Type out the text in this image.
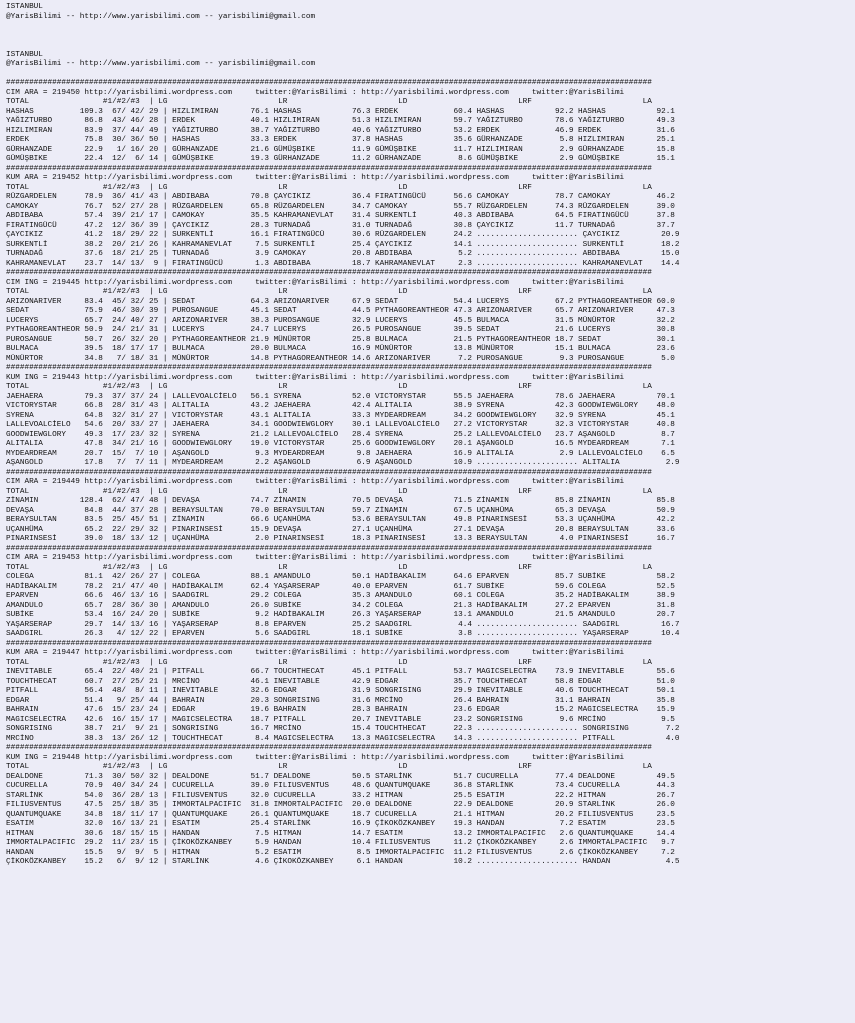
ISTANBUL
@YarisBilimi -- http://www.yarisbilimi.com -- yarisbilimi@gmail.com

ISTANBUL
@YarisBilimi -- http://www.yarisbilimi.com -- yarisbilimi@gmail.com

############################################################################################################################################
CIM ARA = 219450 http://yarisbilimi.wordpress.com     twitter:@YarisBilimi : http://yarisbilimi.wordpress.com     twitter:@YarisBilimi
TOTAL                #1/#2/#3  | LG                        LR                        LD                        LRF                        LA
HASHAS          109.3  67/ 42/ 29 | HIZLIMIRAN       76.1 HASHAS           76.3 ERDEK            60.4 HASHAS           92.2 HASHAS           92.1
YAĞIZTURBO       86.8  43/ 46/ 28 | ERDEK            40.1 HIZLIMIRAN       51.3 HIZLIMIRAN       59.7 YAĞIZTURBO       78.6 YAĞIZTURBO       49.3
HIZLIMIRAN       83.9  37/ 44/ 49 | YAĞIZTURBO       38.7 YAĞIZTURBO       40.6 YAĞIZTURBO       53.2 ERDEK            46.9 ERDEK            31.6
ERDEK            75.8  30/ 36/ 50 | HASHAS           33.3 ERDEK            37.8 HASHAS           35.6 GÜRHANZADE        5.8 HIZLIMIRAN       25.1
GÜRHANZADE       22.9   1/ 16/ 20 | GÜRHANZADE       21.6 GÜMÜŞBIKE        11.9 GÜMÜŞBIKE        11.7 HIZLIMIRAN        2.9 GÜRHANZADE       15.8
GÜMÜŞBIKE        22.4  12/  6/ 14 | GÜMÜŞBIKE        19.3 GÜRHANZADE       11.2 GÜRHANZADE        8.6 GÜMÜŞBIKE         2.9 GÜMÜŞBIKE        15.1
############################################################################################################################################
KUM ARA = 219452 http://yarisbilimi.wordpress.com     twitter:@YarisBilimi : http://yarisbilimi.wordpress.com     twitter:@YarisBilimi
TOTAL                #1/#2/#3  | LG                        LR                        LD                        LRF                        LA
RÜZGARDELEN      78.9  36/ 41/ 43 | ABDIBABA         70.8 ÇAYCIKIZ         36.4 FIRATINGÜCÜ      56.6 CAMOKAY          78.7 CAMOKAY          46.2
CAMOKAY          76.7  52/ 27/ 28 | RÜZGARDELEN      65.8 RÜZGARDELEN      34.7 CAMOKAY          55.7 RÜZGARDELEN      74.3 RÜZGARDELEN      39.0
ABDIBABA         57.4  39/ 21/ 17 | CAMOKAY          35.5 KAHRAMANEVLAT    31.4 SURKENTLİ        40.3 ABDIBABA         64.5 FIRATINGÜCÜ      37.8
FIRATINGÜCÜ      47.2  12/ 36/ 39 | ÇAYCIKIZ         28.3 TURNADAĞ         31.0 TURNADAĞ         30.8 ÇAYCIKIZ         11.7 TURNADAĞ         37.7
ÇAYCIKIZ         41.2  18/ 29/ 22 | SURKENTLİ        16.1 FIRATINGÜCÜ      30.6 RÜZGARDELEN      24.2 ...................... ÇAYCIKIZ         20.9
SURKENTLİ        38.2  20/ 21/ 26 | KAHRAMANEVLAT     7.5 SURKENTLİ        25.4 ÇAYCIKIZ         14.1 ...................... SURKENTLİ        18.2
TURNADAĞ         37.6  18/ 21/ 25 | TURNADAĞ          3.9 CAMOKAY          20.8 ABDIBABA          5.2 ...................... ABDIBABA         15.0
KAHRAMANEVLAT    23.7  14/ 13/  9 | FIRATINGÜCÜ       1.3 ABDIBABA         18.7 KAHRAMANEVLAT     2.3 ...................... KAHRAMANEVLAT    14.4
############################################################################################################################################
CIM ING = 219445 http://yarisbilimi.wordpress.com     twitter:@YarisBilimi : http://yarisbilimi.wordpress.com     twitter:@YarisBilimi
TOTAL                #1/#2/#3  | LG                        LR                        LD                        LRF                        LA
ARIZONARIVER     83.4  45/ 32/ 25 | SEDAT            64.3 ARIZONARIVER     67.9 SEDAT            54.4 LUCERYS          67.2 PYTHAGOREANTHEOR 60.0
SEDAT            75.9  46/ 30/ 39 | PUROSANGUE       45.1 SEDAT            44.5 PYTHAGOREANTHEOR 47.3 ARIZONARIVER     65.7 ARIZONARIVER     47.3
LUCERYS          65.7  24/ 40/ 27 | ARIZONARIVER     38.3 PUROSANGUE       32.9 LUCERYS          45.5 BULMACA          31.5 MÜNÜRTOR         32.2
PYTHAGOREANTHEOR 50.9  24/ 21/ 31 | LUCERYS          24.7 LUCERYS          26.5 PUROSANGUE       39.5 SEDAT            21.6 LUCERYS          30.8
PUROSANGUE       50.7  26/ 32/ 20 | PYTHAGOREANTHEOR 21.9 MÜNÜRTOR         25.8 BULMACA          21.5 PYTHAGOREANTHEOR 18.7 SEDAT            30.1
BULMACA          39.5  18/ 17/ 17 | BULMACA          20.0 BULMACA          16.9 MÜNÜRTOR         13.8 MÜNÜRTOR         15.1 BULMACA          23.6
MÜNÜRTOR         34.8   7/ 18/ 31 | MÜNÜRTOR         14.8 PYTHAGOREANTHEOR 14.6 ARIZONARIVER      7.2 PUROSANGUE        9.3 PUROSANGUE        5.0
############################################################################################################################################
KUM ING = 219443 http://yarisbilimi.wordpress.com     twitter:@YarisBilimi : http://yarisbilimi.wordpress.com     twitter:@YarisBilimi
TOTAL                #1/#2/#3  | LG                        LR                        LD                        LRF                        LA
JAEHAERA         79.3  37/ 37/ 24 | LALLEVOALCİELO   56.1 SYRENA           52.0 VICTORYSTAR      55.5 JAEHAERA         78.6 JAEHAERA         70.1
VICTORYSTAR      66.8  28/ 31/ 43 | ALITALIA         43.2 JAEHAERA         42.4 ALITALIA         38.9 SYRENA           42.3 GOODWIEWGLORY    48.0
SYRENA           64.8  32/ 31/ 27 | VICTORYSTAR      43.1 ALITALIA         33.3 MYDEARDREAM      34.2 GOODWIEWGLORY    32.9 SYRENA           45.1
LALLEVOALCİELO   54.6  20/ 33/ 27 | JAEHAERA         34.1 GOODWIEWGLORY    30.1 LALLEVOALCİELO   27.2 VICTORYSTAR      32.3 VICTORYSTAR      40.8
GOODWIEWGLORY    49.3  17/ 23/ 32 | SYRENA           21.2 LALLEVOALCİELO   28.4 SYRENA           25.2 LALLEVOALCİELO   23.7 AŞANGOLD          8.7
ALITALIA         47.8  34/ 21/ 16 | GOODWIEWGLORY    19.0 VICTORYSTAR      25.6 GOODWIEWGLORY    20.1 AŞANGOLD         16.5 MYDEARDREAM       7.1
MYDEARDREAM      20.7  15/  7/ 10 | AŞANGOLD          9.3 MYDEARDREAM       9.8 JAEHAERA         16.9 ALITALIA          2.9 LALLEVOALCİELO    6.5
AŞANGOLD         17.8   7/  7/ 11 | MYDEARDREAM       2.2 AŞANGOLD          6.9 AŞANGOLD         10.9 ...................... ALITALIA          2.9
############################################################################################################################################
CIM ARA = 219449 http://yarisbilimi.wordpress.com     twitter:@YarisBilimi : http://yarisbilimi.wordpress.com     twitter:@YarisBilimi
TOTAL                #1/#2/#3  | LG                        LR                        LD                        LRF                        LA
ZİNAMIN         128.4  62/ 47/ 48 | DEVAŞA           74.7 ZİNAMIN          70.5 DEVAŞA           71.5 ZİNAMIN          85.8 ZİNAMIN          85.8
DEVAŞA           84.8  44/ 37/ 28 | BERAYSULTAN      70.0 BERAYSULTAN      59.7 ZİNAMIN          67.5 UÇANHÜMA         65.3 DEVAŞA           50.9
BERAYSULTAN      83.5  25/ 45/ 51 | ZİNAMIN          66.6 UÇANHÜMA         53.6 BERAYSULTAN      49.8 PINARINSESİ      53.3 UÇANHÜMA         42.2
UÇANHÜMA         65.2  22/ 29/ 32 | PINARINSESİ      15.9 DEVAŞA           27.1 UÇANHÜMA         27.1 DEVAŞA           20.8 BERAYSULTAN      33.6
PINARINSESİ      39.0  18/ 13/ 12 | UÇANHÜMA          2.0 PINARINSESİ      18.3 PINARINSESİ      13.3 BERAYSULTAN       4.0 PINARINSESİ      16.7
############################################################################################################################################
CIM ARA = 219453 http://yarisbilimi.wordpress.com     twitter:@YarisBilimi : http://yarisbilimi.wordpress.com     twitter:@YarisBilimi
TOTAL                #1/#2/#3  | LG                        LR                        LD                        LRF                        LA
COLEGA           81.1  42/ 26/ 27 | COLEGA           88.1 AMANDULO         50.1 HADİBAKALIM      64.6 EPARVEN          85.7 SUBİKE           58.2
HADİBAKALIM      78.2  21/ 47/ 40 | HADİBAKALIM      62.4 YAŞARSERAP       40.0 EPARVEN          61.7 SUBİKE           59.6 COLEGA           52.5
EPARVEN          66.6  46/ 13/ 16 | SAADGIRL         29.2 COLEGA           35.3 AMANDULO         60.1 COLEGA           35.2 HADİBAKALIM      38.9
AMANDULO         65.7  28/ 36/ 30 | AMANDULO         26.0 SUBİKE           34.2 COLEGA           21.3 HADİBAKALIM      27.2 EPARVEN          31.8
SUBİKE           53.4  16/ 24/ 20 | SUBİKE            9.2 HADİBAKALIM      26.3 YAŞARSERAP       13.1 AMANDULO         21.5 AMANDULO         20.7
YAŞARSERAP       29.7  14/ 13/ 16 | YAŞARSERAP        8.8 EPARVEN          25.2 SAADGIRL          4.4 ...................... SAADGIRL         16.7
SAADGIRL         26.3   4/ 12/ 22 | EPARVEN           5.6 SAADGIRL         18.1 SUBİKE            3.8 ...................... YAŞARSERAP       10.4
############################################################################################################################################
KUM ARA = 219447 http://yarisbilimi.wordpress.com     twitter:@YarisBilimi : http://yarisbilimi.wordpress.com     twitter:@YarisBilimi
TOTAL                #1/#2/#3  | LG                        LR                        LD                        LRF                        LA
INEVITABLE       65.4  22/ 40/ 21 | PITFALL          66.7 TOUCHTHECAT      45.1 PITFALL          53.7 MAGICSELECTRA    73.9 INEVITABLE       55.6
TOUCHTHECAT      60.7  27/ 25/ 21 | MRCİNO           46.1 INEVITABLE       42.9 EDGAR            35.7 TOUCHTHECAT      58.8 EDGAR            51.0
PITFALL          56.4  48/  8/ 11 | INEVITABLE       32.6 EDGAR            31.9 SONGRISING       29.9 INEVITABLE       40.6 TOUCHTHECAT      50.1
EDGAR            51.4   9/ 25/ 44 | BAHRAIN          20.3 SONGRISING       31.6 MRCİNO           26.4 BAHRAIN          31.1 BAHRAIN          35.8
BAHRAIN          47.6  15/ 23/ 24 | EDGAR            19.6 BAHRAIN          28.3 BAHRAIN          23.6 EDGAR            15.2 MAGICSELECTRA    15.9
MAGICSELECTRA    42.6  16/ 15/ 17 | MAGICSELECTRA    18.7 PITFALL          20.7 INEVITABLE       23.2 SONGRISING        9.6 MRCİNO            9.5
SONGRISING       38.7  21/  9/ 21 | SONGRISING       16.7 MRCİNO           15.4 TOUCHTHECAT      22.3 ...................... SONGRISING        7.2
MRCİNO           38.3  13/ 26/ 12 | TOUCHTHECAT       8.4 MAGICSELECTRA    13.3 MAGICSELECTRA    14.3 ...................... PITFALL           4.0
############################################################################################################################################
KUM ING = 219448 http://yarisbilimi.wordpress.com     twitter:@YarisBilimi : http://yarisbilimi.wordpress.com     twitter:@YarisBilimi
TOTAL                #1/#2/#3  | LG                        LR                        LD                        LRF                        LA
DEALDONE         71.3  30/ 50/ 32 | DEALDONE         51.7 DEALDONE         50.5 STARLİNK         51.7 CUCURELLA        77.4 DEALDONE         49.5
CUCURELLA        70.9  40/ 34/ 24 | CUCURELLA        39.0 FILIUSVENTUS     48.6 QUANTUMQUAKE     36.8 STARLİNK         73.4 CUCURELLA        44.3
STARLİNK         54.0  36/ 28/ 13 | FILIUSVENTUS     32.0 CUCURELLA        33.2 HITMAN           25.5 ESATIM           22.2 HITMAN           26.7
FILIUSVENTUS     47.5  25/ 18/ 35 | IMMORTALPACIFIC  31.8 IMMORTALPACIFIC  20.0 DEALDONE         22.9 DEALDONE         20.9 STARLİNK         26.0
QUANTUMQUAKE     34.8  18/ 11/ 17 | QUANTUMQUAKE     26.1 QUANTUMQUAKE     18.7 CUCURELLA        21.1 HITMAN           20.2 FILIUSVENTUS     23.5
ESATIM           32.0  16/ 13/ 21 | ESATIM           25.4 STARLİNK         16.9 ÇİKOKÖZKANBEY    19.3 HANDAN            7.2 ESATIM           23.5
HITMAN           30.6  18/ 15/ 15 | HANDAN            7.5 HITMAN           14.7 ESATIM           13.2 IMMORTALPACIFIC   2.6 QUANTUMQUAKE     14.4
IMMORTALPACIFIC  29.2  11/ 23/ 15 | ÇİKOKÖZKANBEY     5.9 HANDAN           10.4 FILIUSVENTUS     11.2 ÇİKOKÖZKANBEY     2.6 IMMORTALPACIFIC   9.7
HANDAN           15.5   9/  9/  5 | HITMAN            5.2 ESATIM            8.5 IMMORTALPACIFIC  11.2 FILIUSVENTUS      2.6 ÇİKOKÖZKANBEY     7.2
ÇİKOKÖZKANBEY    15.2   6/  9/ 12 | STARLİNK          4.6 ÇİKOKÖZKANBEY     6.1 HANDAN           10.2 ...................... HANDAN            4.5
